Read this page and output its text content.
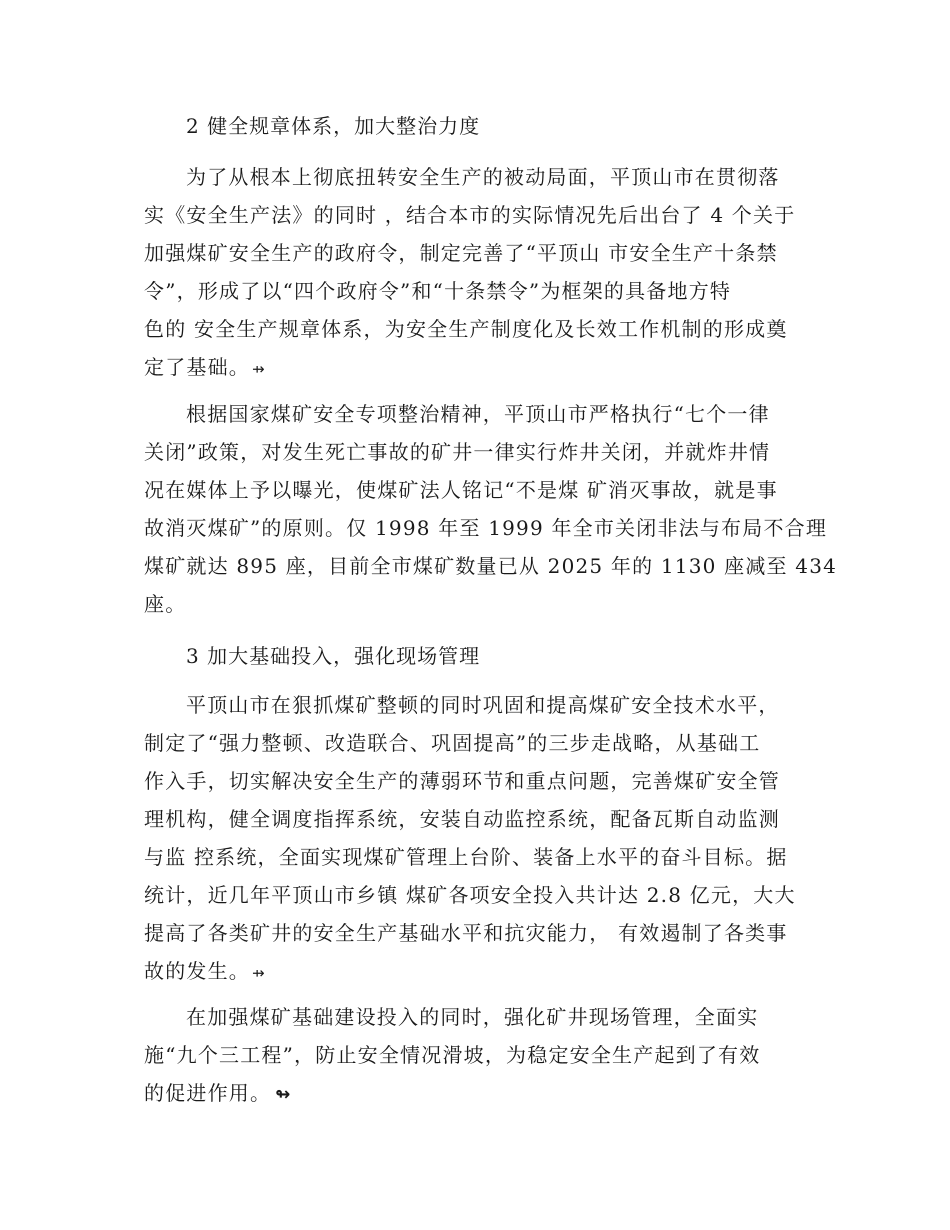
2 健全规章体系，加大整治力度
为了从根本上彻底扭转安全生产的被动局面，平顶山市在贯彻落
实《安全生产法》的同时 ，结合本市的实际情况先后出台了 4 个关于
加强煤矿安全生产的政府令，制定完善了“平顶山 市安全生产十条禁
令”，形成了以“四个政府令”和“十条禁令”为框架的具备地方特
色的 安全生产规章体系，为安全生产制度化及长效工作机制的形成奠
定了基础。 ⇸
根据国家煤矿安全专项整治精神，平顶山市严格执行“七个一律
关闭”政策，对发生死亡事故的矿井一律实行炸井关闭，并就炸井情
况在媒体上予以曝光，使煤矿法人铭记“不是煤 矿消灭事故，就是事
故消灭煤矿”的原则。仅 1998 年至 1999 年全市关闭非法与布局不合理
煤矿就达 895 座，目前全市煤矿数量已从 2025 年的 1130 座减至 434
座。
3 加大基础投入，强化现场管理
平顶山市在狠抓煤矿整顿的同时巩固和提高煤矿安全技术水平，
制定了“强力整顿、改造联合、巩固提高”的三步走战略，从基础工
作入手，切实解决安全生产的薄弱环节和重点问题，完善煤矿安全管
理机构，健全调度指挥系统，安装自动监控系统，配备瓦斯自动监测
与监 控系统，全面实现煤矿管理上台阶、装备上水平的奋斗目标。据
统计，近几年平顶山市乡镇 煤矿各项安全投入共计达 2.8 亿元，大大
提高了各类矿井的安全生产基础水平和抗灾能力， 有效遏制了各类事
故的发生。 ⇸
在加强煤矿基础建设投入的同时，强化矿井现场管理，全面实
施“九个三工程”，防止安全情况滑坡，为稳定安全生产起到了有效
的促进作用。 ↬
